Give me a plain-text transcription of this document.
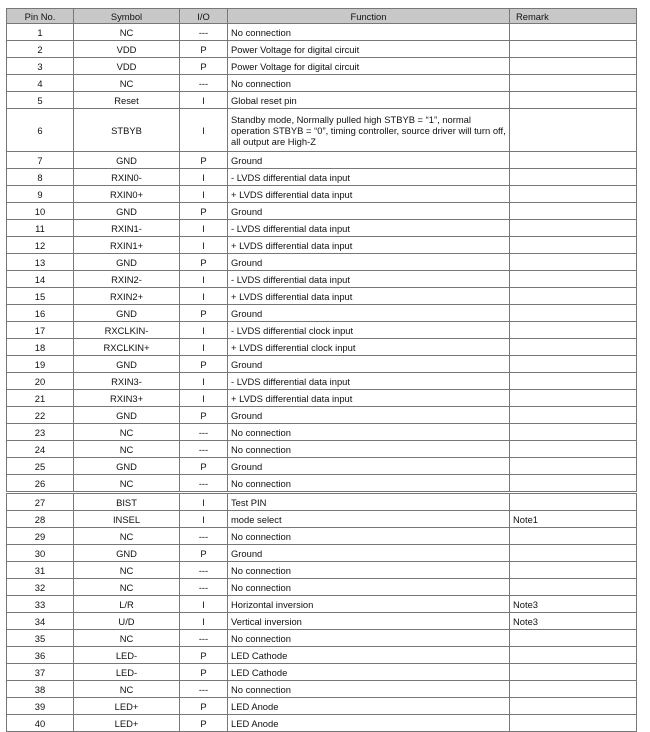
Pin No.	Symbol	I/O	Function	Remark
1	NC	---	No connection	
2	VDD	P	Power Voltage for digital circuit	
3	VDD	P	Power Voltage for digital circuit	
4	NC	---	No connection	
5	Reset	I	Global reset pin	
6	STBYB	I	Standby mode, Normally pulled high STBYB = “1”, normal operation STBYB = “0”, timing controller, source driver will turn off, all output are High-Z	
7	GND	P	Ground	
8	RXIN0-	I	- LVDS differential data input	
9	RXIN0+	I	+ LVDS differential data input	
10	GND	P	Ground	
11	RXIN1-	I	- LVDS differential data input	
12	RXIN1+	I	+ LVDS differential data input	
13	GND	P	Ground	
14	RXIN2-	I	- LVDS differential data input	
15	RXIN2+	I	+ LVDS differential data input	
16	GND	P	Ground	
17	RXCLKIN-	I	- LVDS differential clock input	
18	RXCLKIN+	I	+ LVDS differential clock input	
19	GND	P	Ground	
20	RXIN3-	I	- LVDS differential data input	
21	RXIN3+	I	+ LVDS differential data input	
22	GND	P	Ground	
23	NC	---	No connection	
24	NC	---	No connection	
25	GND	P	Ground	
26	NC	---	No connection	
27	BIST	I	Test PIN	
28	INSEL	I	mode select	Note1
29	NC	---	No connection	
30	GND	P	Ground	
31	NC	---	No connection	
32	NC	---	No connection	
33	L/R	I	Horizontal inversion	Note3
34	U/D	I	Vertical inversion	Note3
35	NC	---	No connection	
36	LED-	P	LED Cathode	
37	LED-	P	LED Cathode	
38	NC	---	No connection	
39	LED+	P	LED Anode	
40	LED+	P	LED Anode	
